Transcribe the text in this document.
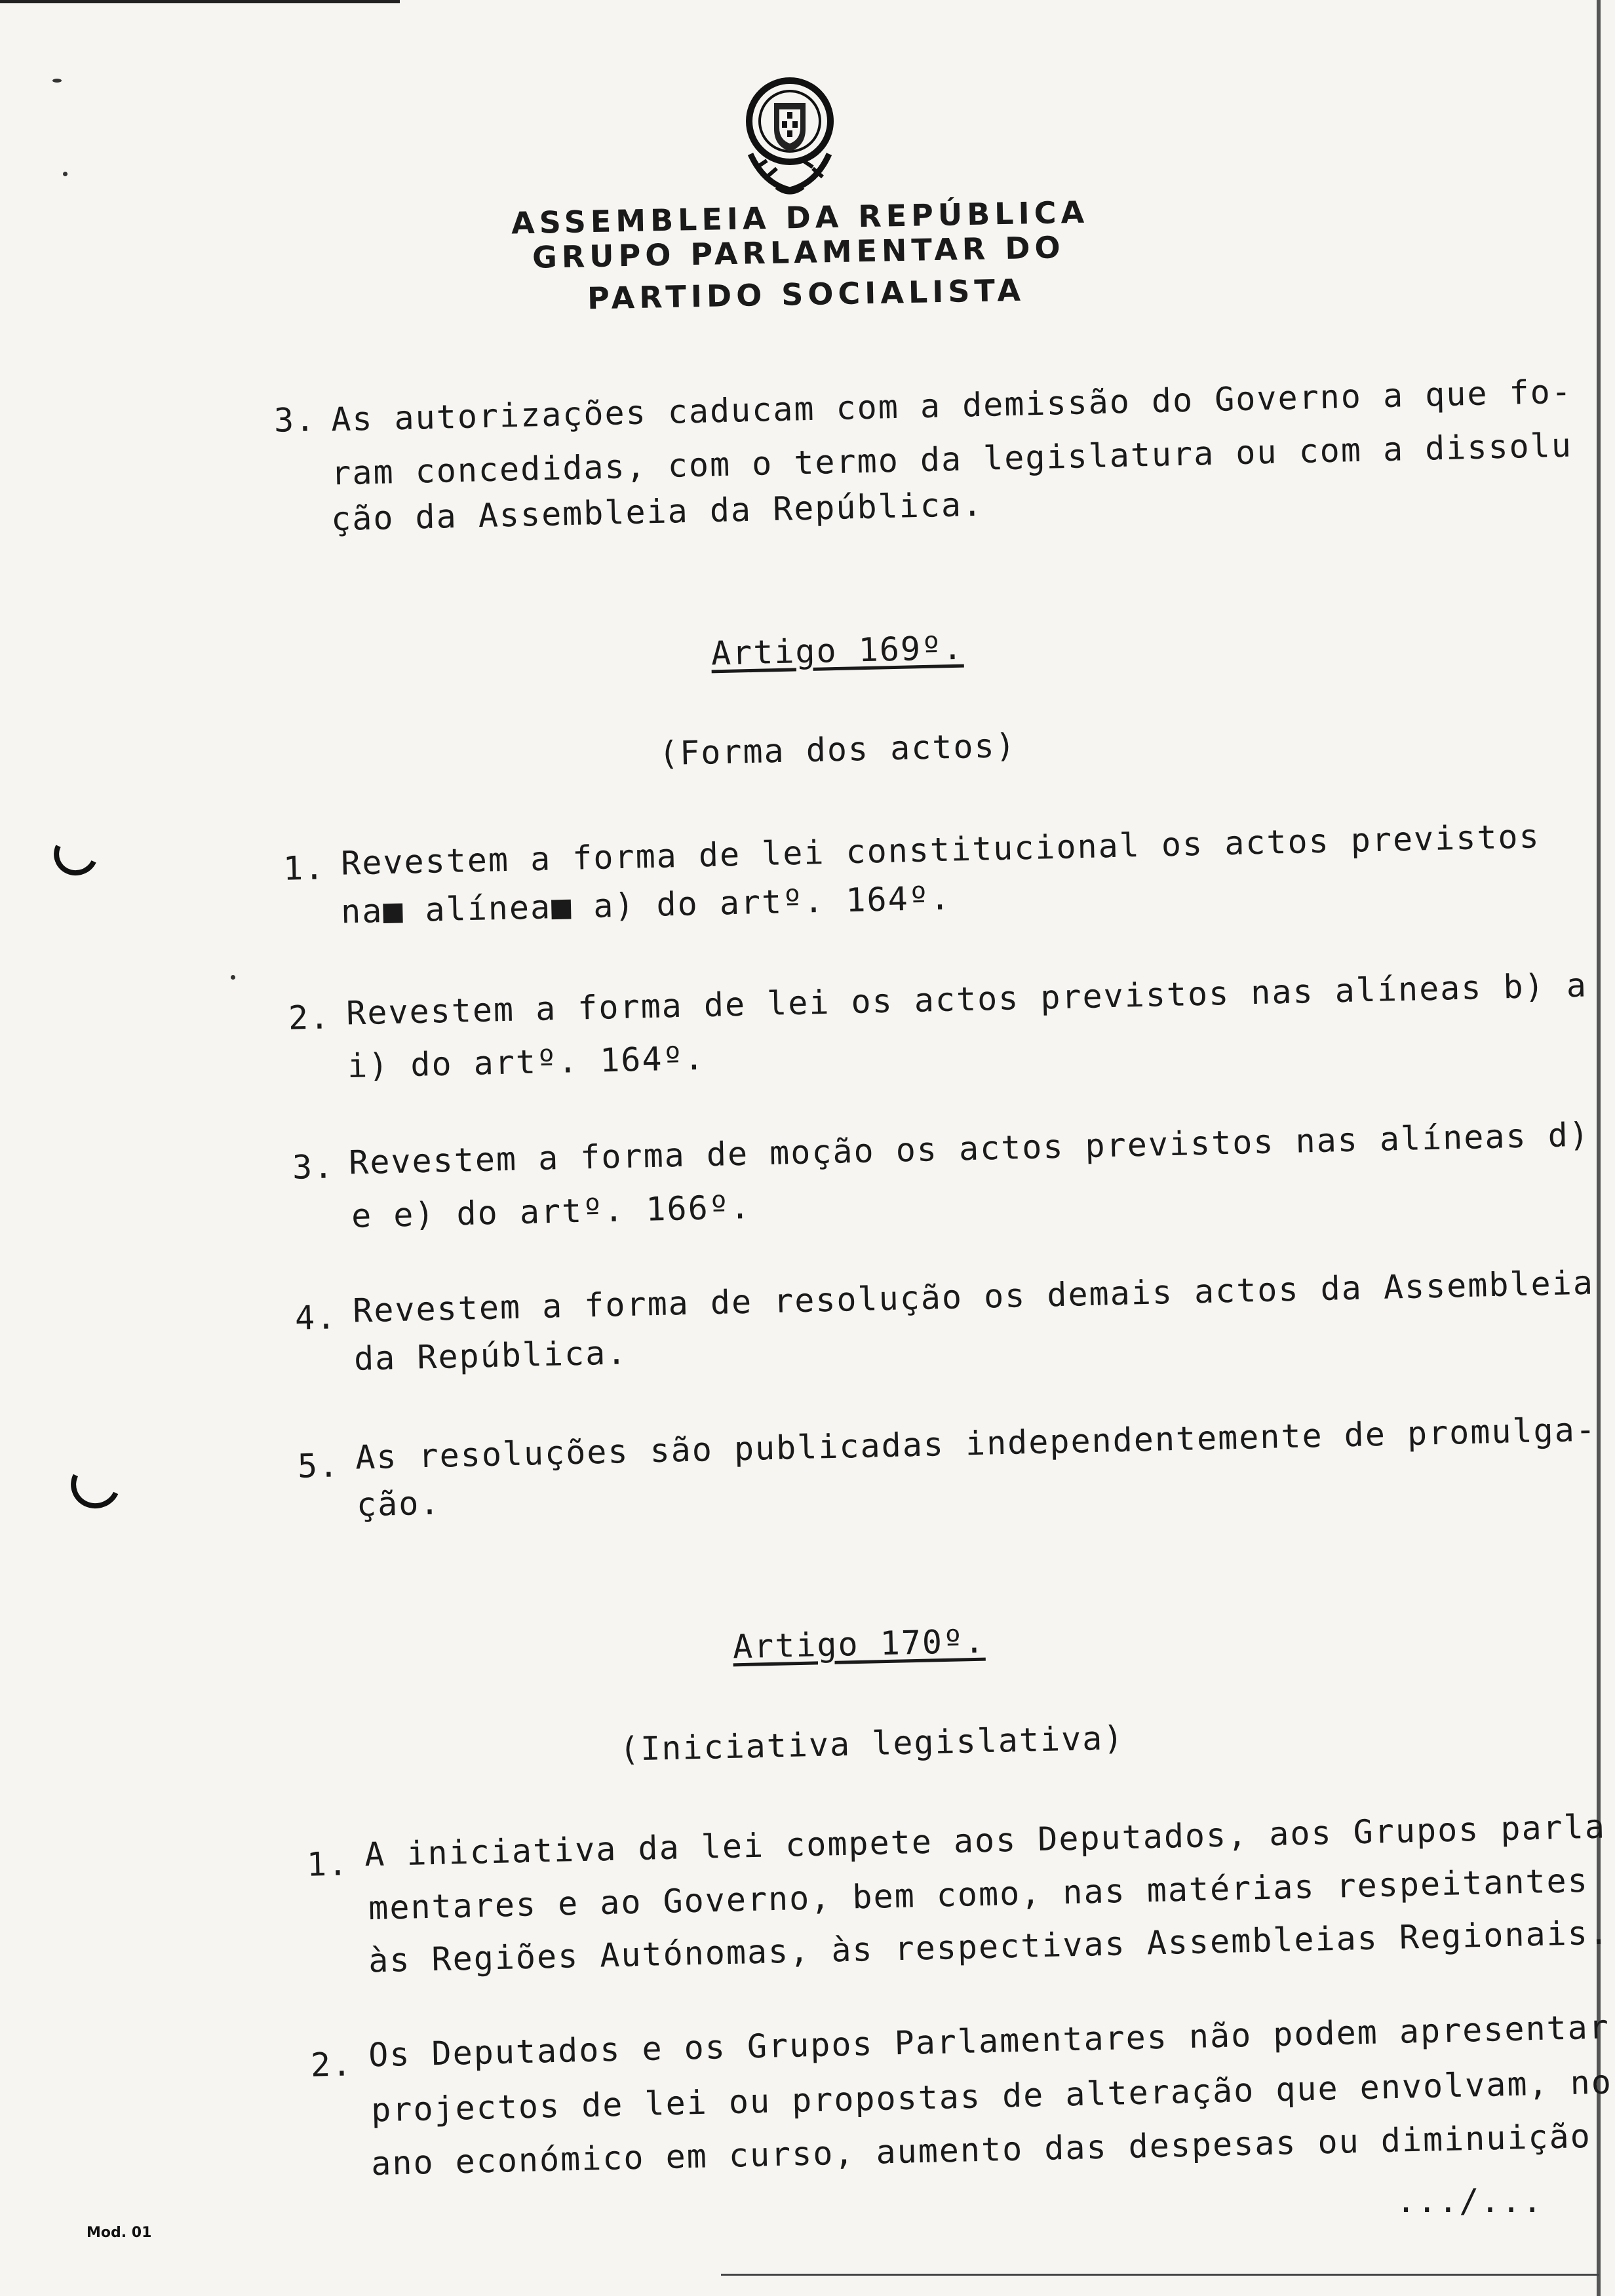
ASSEMBLEIA DA REPÚBLICA
GRUPO PARLAMENTAR DO
PARTIDO SOCIALISTA
3. As autorizações caducam com a demissão do Governo a que fo-
ram concedidas, com o termo da legislatura ou com a dissolu
ção da Assembleia da República.
Artigo 169º.
(Forma dos actos)
1. Revestem a forma de lei constitucional os actos previstos
na■ alínea■ a) do artº. 164º.
2. Revestem a forma de lei os actos previstos nas alíneas b) a
i) do artº. 164º.
3. Revestem a forma de moção os actos previstos nas alíneas d)
e e) do artº. 166º.
4. Revestem a forma de resolução os demais actos da Assembleia
da República.
5. As resoluções são publicadas independentemente de promulga-
ção.
Artigo 170º.
(Iniciativa legislativa)
1. A iniciativa da lei compete aos Deputados, aos Grupos parla
mentares e ao Governo, bem como, nas matérias respeitantes
às Regiões Autónomas, às respectivas Assembleias Regionais.
2. Os Deputados e os Grupos Parlamentares não podem apresentar
projectos de lei ou propostas de alteração que envolvam, no
ano económico em curso, aumento das despesas ou diminuição
.../...
Mod. 01
